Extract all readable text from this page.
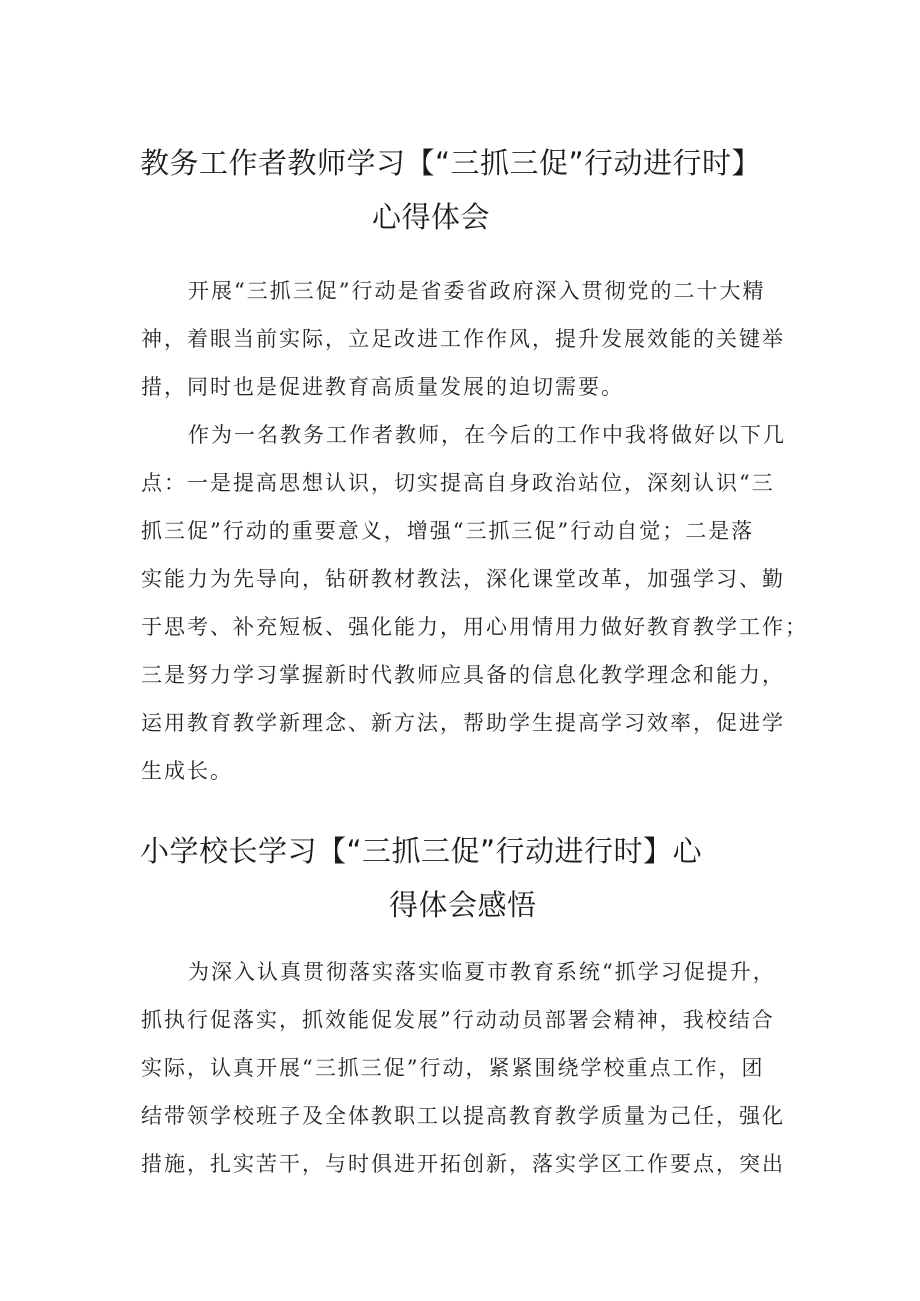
教务工作者教师学习【“三抓三促”行动进行时】
心得体会

开展“三抓三促”行动是省委省政府深入贯彻党的二十大精

神，着眼当前实际，立足改进工作作风，提升发展效能的关键举

措，同时也是促进教育高质量发展的迫切需要。

作为一名教务工作者教师，在今后的工作中我将做好以下几

点：一是提高思想认识，切实提高自身政治站位，深刻认识“三

抓三促”行动的重要意义，增强“三抓三促”行动自觉；二是落

实能力为先导向，钻研教材教法，深化课堂改革，加强学习、勤

于思考、补充短板、强化能力，用心用情用力做好教育教学工作；

三是努力学习掌握新时代教师应具备的信息化教学理念和能力，

运用教育教学新理念、新方法，帮助学生提高学习效率，促进学

生成长。

小学校长学习【“三抓三促”行动进行时】心
得体会感悟

为深入认真贯彻落实落实临夏市教育系统“抓学习促提升，

抓执行促落实，抓效能促发展”行动动员部署会精神，我校结合

实际，认真开展“三抓三促”行动，紧紧围绕学校重点工作，团

结带领学校班子及全体教职工以提高教育教学质量为己任，强化

措施，扎实苦干，与时俱进开拓创新，落实学区工作要点，突出
